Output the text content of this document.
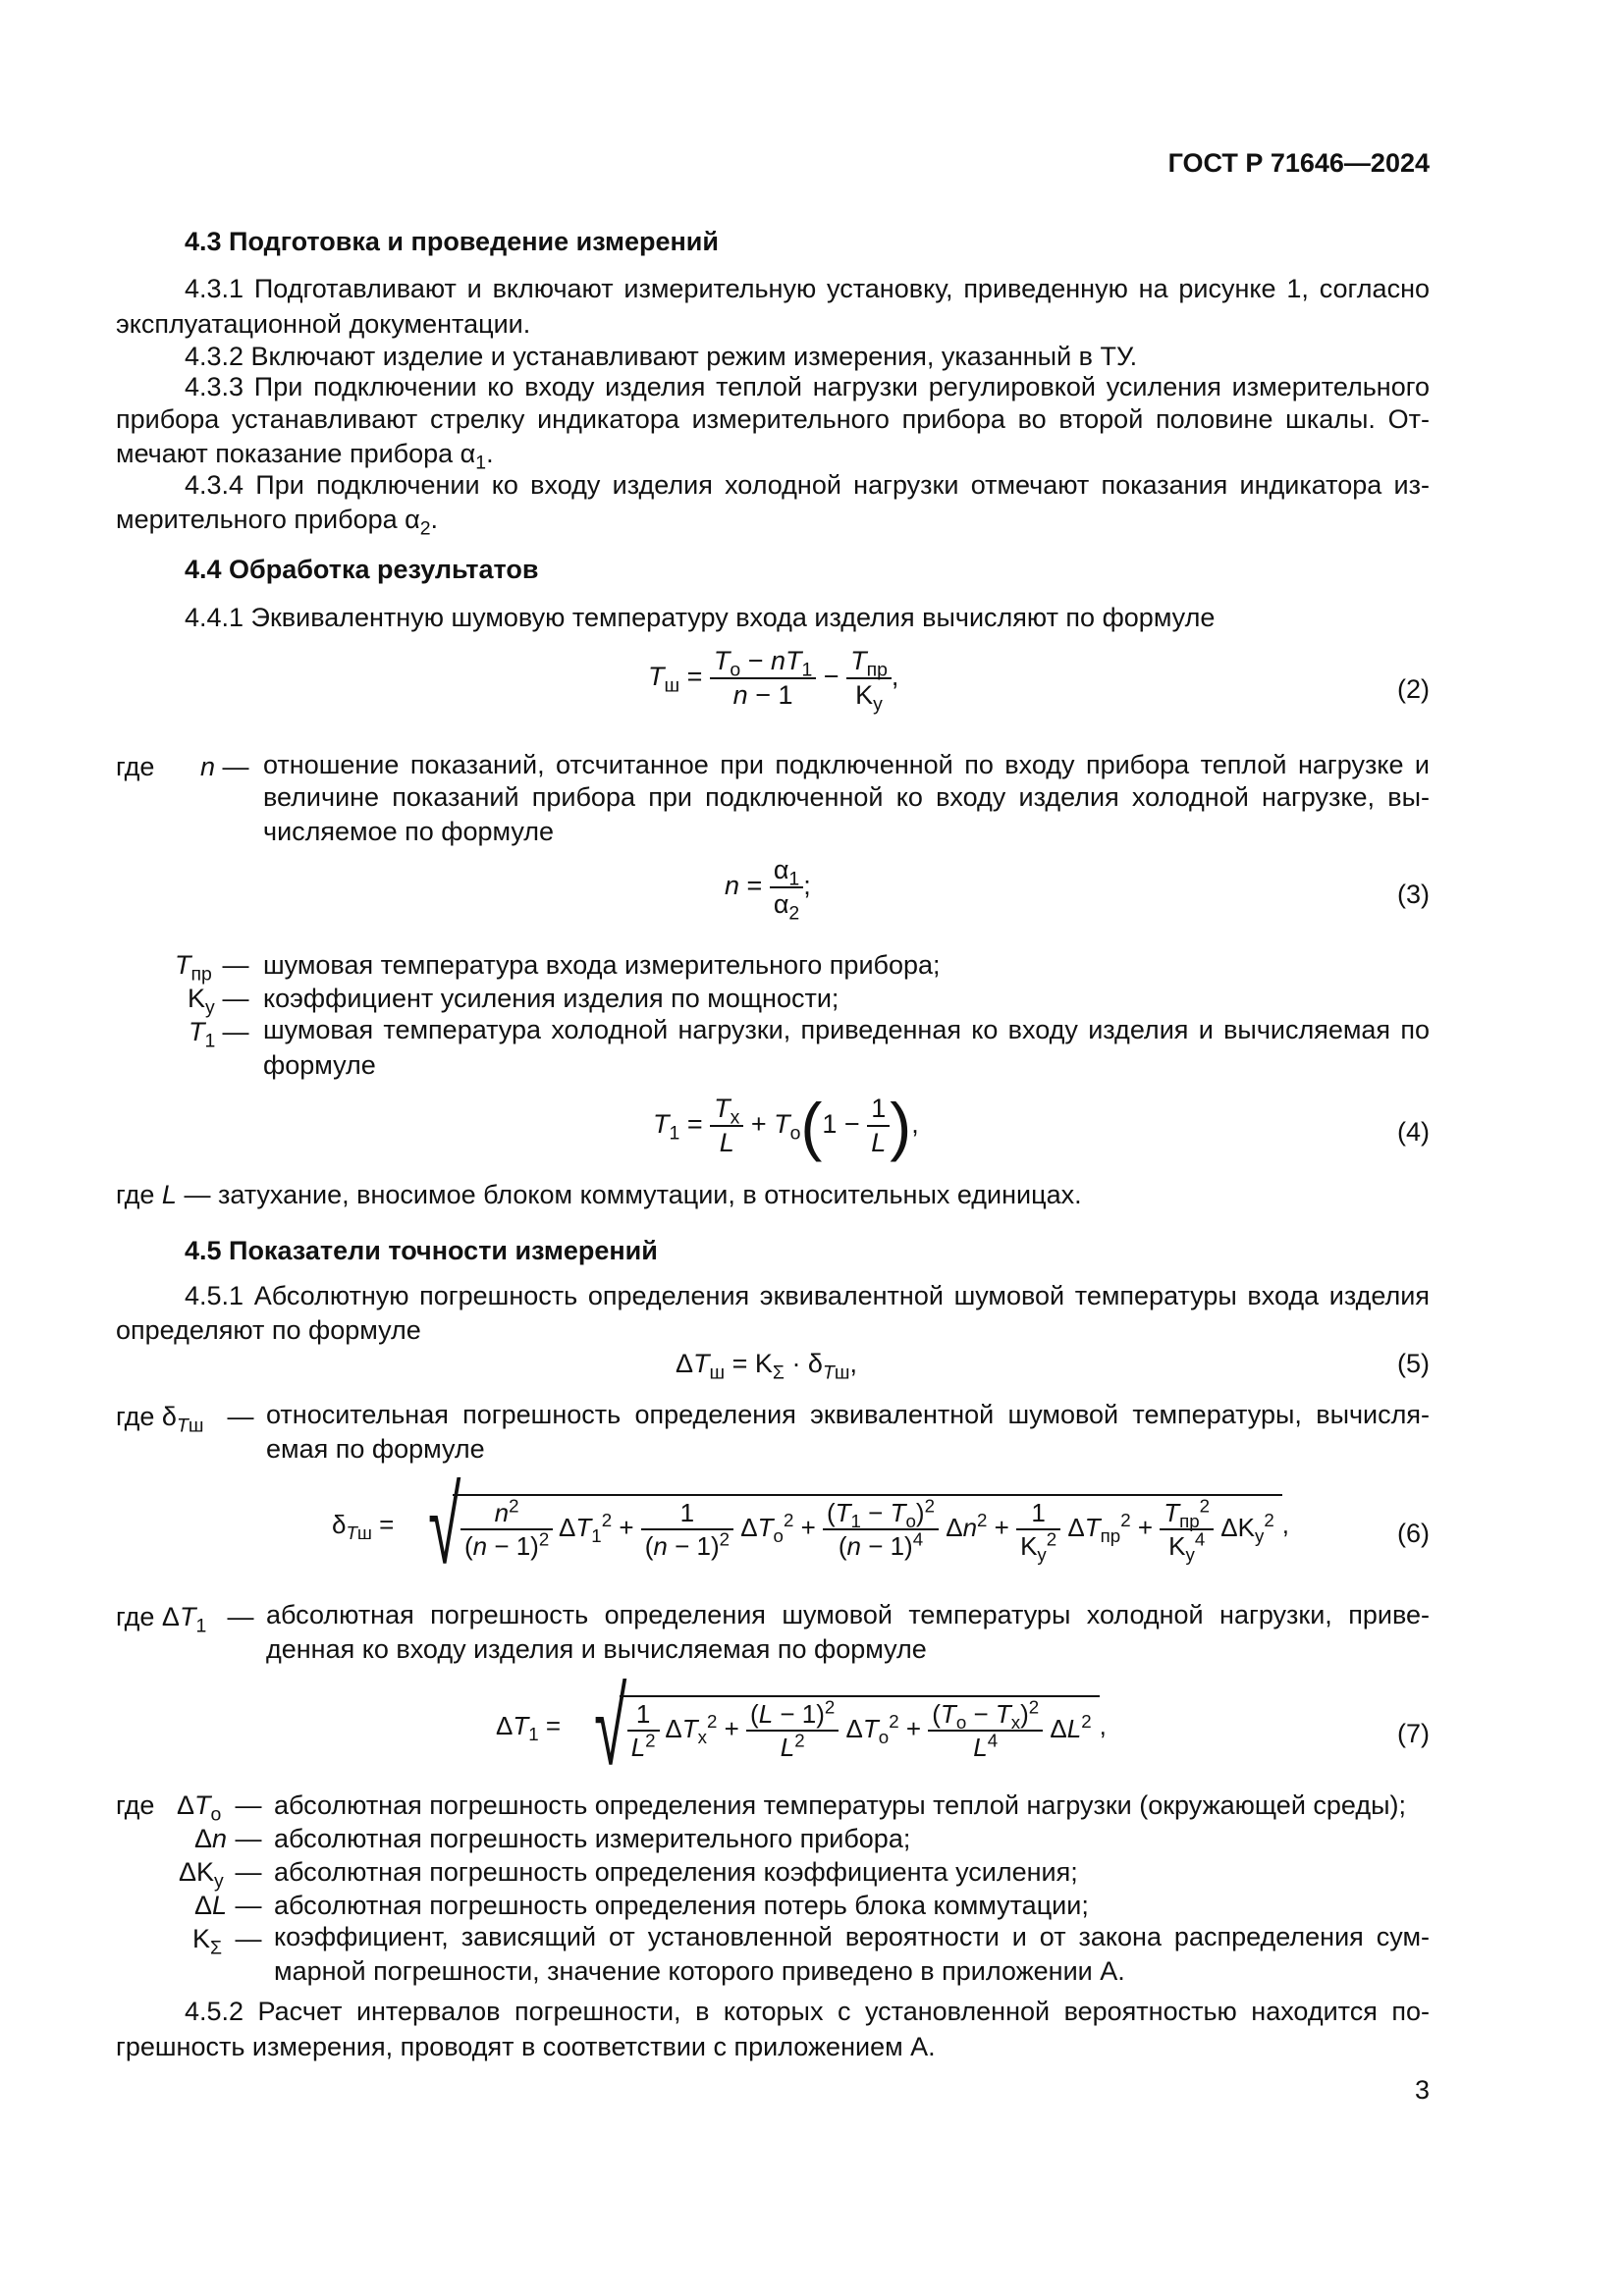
ГОСТ Р 71646—2024
4.3 Подготовка и проведение измерений
4.3.1 Подготавливают и включают измерительную установку, приведенную на рисунке 1, согласно
эксплуатационной документации.
4.3.2 Включают изделие и устанавливают режим измерения, указанный в ТУ.
4.3.3 При подключении ко входу изделия теплой нагрузки регулировкой усиления измерительного
прибора устанавливают стрелку индикатора измерительного прибора во второй половине шкалы. От-
мечают показание прибора $\alpha_1$.
4.3.4 При подключении ко входу изделия холодной нагрузки отмечают показания индикатора из-
мерительного прибора $\alpha_2$.
4.4 Обработка результатов
4.4.1 Эквивалентную шумовую температуру входа изделия вычисляют по формуле
$T_ш = \frac{T_о - nT_1}{n - 1} - \frac{T_{пр}}{K_у}$ ,	(2)
где n — отношение показаний, отсчитанное при подключенной по входу прибора теплой нагрузке и
величине показаний прибора при подключенной ко входу изделия холодной нагрузке, вы-
числяемое по формуле
$n = \frac{\alpha_1}{\alpha_2}$ ;	(3)
$T_{пр}$ — шумовая температура входа измерительного прибора;
$K_у$ — коэффициент усиления изделия по мощности;
$T_1$ — шумовая температура холодной нагрузки, приведенная ко входу изделия и вычисляемая по
формуле
$T_1 = \frac{T_x}{L} + T_о(1 - \frac{1}{L}$ ),	(4)
где L — затухание, вносимое блоком коммутации, в относительных единицах.
4.5 Показатели точности измерений
4.5.1 Абсолютную погрешность определения эквивалентной шумовой температуры входа изделия
определяют по формуле
$\Delta T_ш = K_\Sigma \cdot \delta_{Tш}$,	(5)
где $\delta_{Tш}$ — относительная погрешность определения эквивалентной шумовой температуры, вычисля-
емая по формуле
$\delta_{Tш}$ = √ $\frac{n^2}{(n - 1)^2} \Delta T_1^2 + \frac{1}{(n - 1)^2} \Delta T_о^2 + \frac{(T_1 - T_о)^2}{(n - 1)^4} \Delta n^2 + \frac{1}{K_у^2} \Delta T_{пр}^2 + \frac{T_{пр}^2}{K_у^4} \Delta K_у^2$ ,	(6)
где $\Delta T_1$ — абсолютная погрешность определения шумовой температуры холодной нагрузки, приве-
денная ко входу изделия и вычисляемая по формуле
$\Delta T_1$ = √ $\frac{1}{L^2} \Delta T_x^2 + \frac{(L - 1)^2}{L^2} \Delta T_о^2 + \frac{(T_о - T_x)^2}{L^4} \Delta L^2$ ,	(7)
где $\Delta T_о$ — абсолютная погрешность определения температуры теплой нагрузки (окружающей среды);
Δn — абсолютная погрешность измерительного прибора;
$\Delta K_у$ — абсолютная погрешность определения коэффициента усиления;
ΔL — абсолютная погрешность определения потерь блока коммутации;
$K_\Sigma$ — коэффициент, зависящий от установленной вероятности и от закона распределения сум-
марной погрешности, значение которого приведено в приложении А.
4.5.2 Расчет интервалов погрешности, в которых с установленной вероятностью находится по-
грешность измерения, проводят в соответствии с приложением А.
3
